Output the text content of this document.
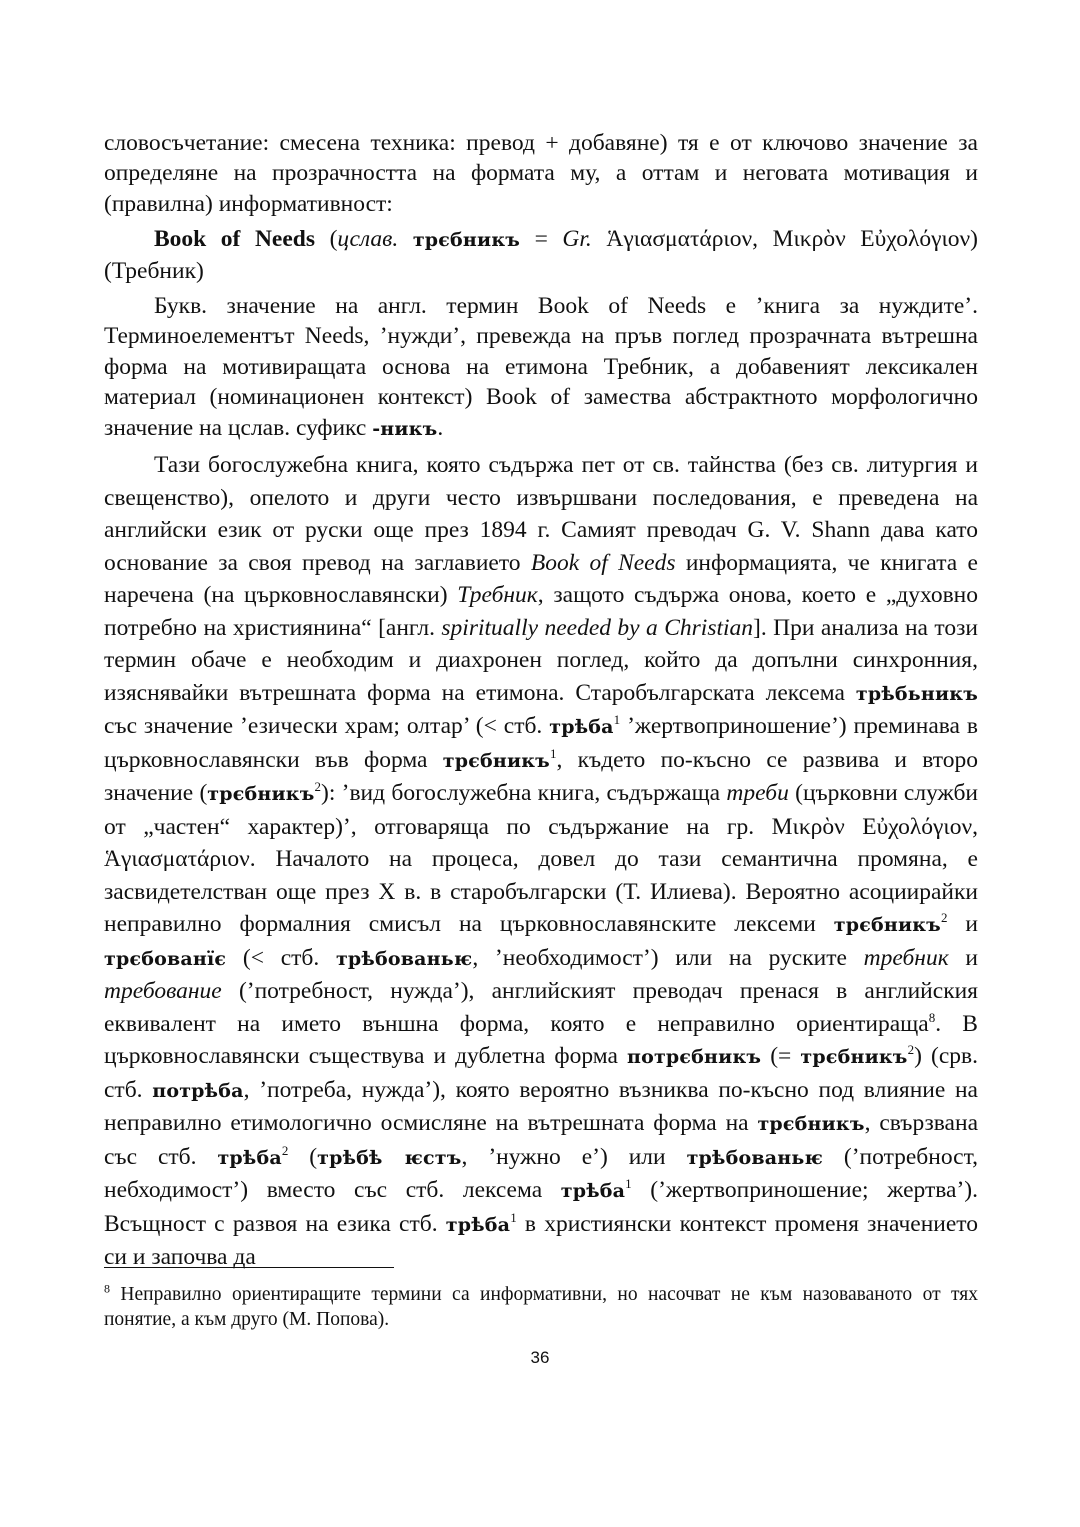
словосъчетание: смесена техника: превод + добавяне) тя е от ключово значение за определяне на прозрачността на формата му, а оттам и неговата мотивация и (правилна) информативност:

Book of Needs (цслав. трєбникъ = Gr. Ἁγιασματάριον, Μικρὸν Εὐχολόγιον) (Требник)

Букв. значение на англ. термин Book of Needs е ’книга за нуждите’. Терминоелементът Needs, ’нужди’, превежда на пръв поглед прозрачната вътрешна форма на мотивиращата основа на етимона Требник, а добавеният лексикален материал (номинационен контекст) Book of замества абстрактното морфологично значение на цслав. суфикс -никъ.

Тази богослужебна книга, която съдържа пет от св. тайнства (без св. литургия и свещенство), опелото и други често извършвани последования, е преведена на английски език от руски още през 1894 г. Самият преводач G. V. Shann дава като основание за своя превод на заглавието Book of Needs информацията, че книгата е наречена (на църковнославянски) Требник, защото съдържа онова, което е „духовно потребно на християнина“ [англ. spiritually needed by a Christian]. При анализа на този термин обаче е необходим и диахронен поглед, който да допълни синхронния, изяснявайки вътрешната форма на етимона. Старобългарската лексема трѣбьникъ със значение ’езически храм; олтар’ (< стб. трѣба$^1$ ’жертвоприношение’) преминава в църковнославянски във форма трєбникъ$^1$, където по-късно се развива и второ значение (трєбникъ$^2$): ’вид богослужебна книга, съдържаща треби (църковни служби от „частен“ характер)’, отговаряща по съдържание на гр. Μικρὸν Εὐχολόγιον, Ἁγιασματάριον. Началото на процеса, довел до тази семантична промяна, е засвидетелстван още през X в. в старобългарски (Т. Илиева). Вероятно асоциирайки неправилно формалния смисъл на църковнославянските лексеми трєбникъ$^2$ и трєбованїє (< стб. трѣбованьѥ, ’необходимост’) или на руските требник и требование (’потребност, нужда’), английският преводач пренася в английския еквивалент на името външна форма, която е неправилно ориентираща$^8$. В църковнославянски съществува и дублетна форма потрєбникъ (= трєбникъ$^2$) (срв. стб. потрѣба, ’потреба, нужда’), която вероятно възниква по-късно под влияние на неправилно етимологично осмисляне на вътрешната форма на трєбникъ, свързвана със стб. трѣба$^2$ (трѣбѣ ѥстъ, ’нужно е’) или трѣбованьѥ (’потребност, небходимост’) вместо със стб. лексема трѣба$^1$ (’жертвоприношение; жертва’). Всъщност с развоя на езика стб. трѣба$^1$ в християнски контекст променя значението си и започва да

$^8$ Неправилно ориентиращите термини са информативни, но насочват не към назоваваното от тях понятие, а към друго (М. Попова).
36
